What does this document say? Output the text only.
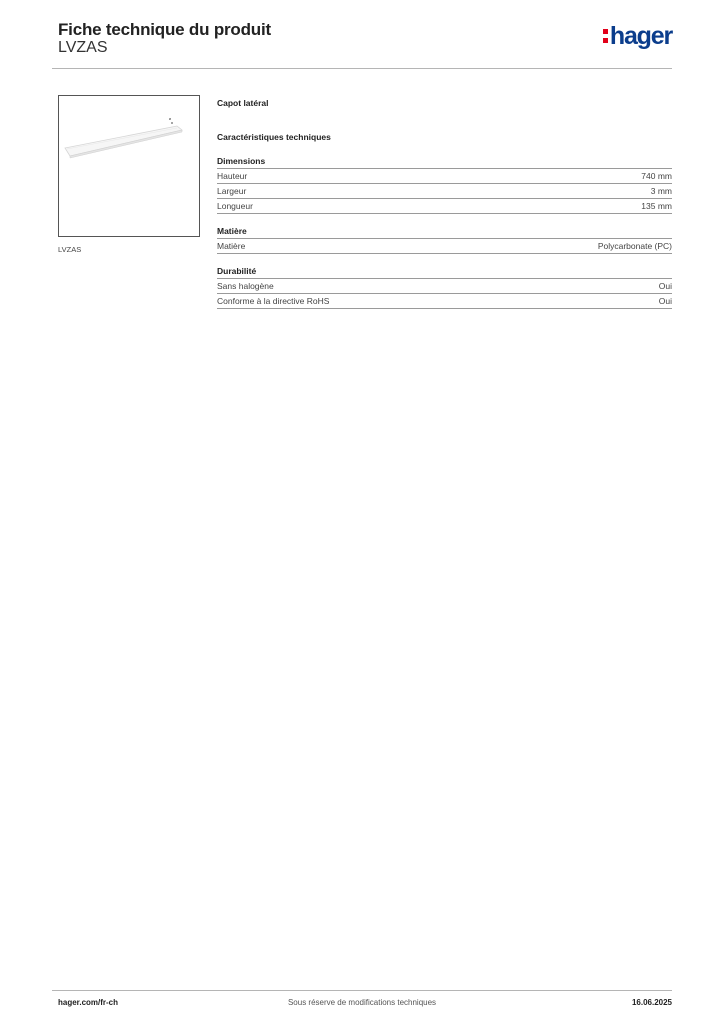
Fiche technique du produit
LVZAS	hager
LVZAS
Capot latéral
Caractéristiques techniques
Dimensions
Hauteur	740 mm
Largeur	3 mm
Longueur	135 mm
Matière
Matière	Polycarbonate (PC)
Durabilité
Sans halogène	Oui
Conforme à la directive RoHS	Oui
hager.com/fr-ch	Sous réserve de modifications techniques	16.06.2025
